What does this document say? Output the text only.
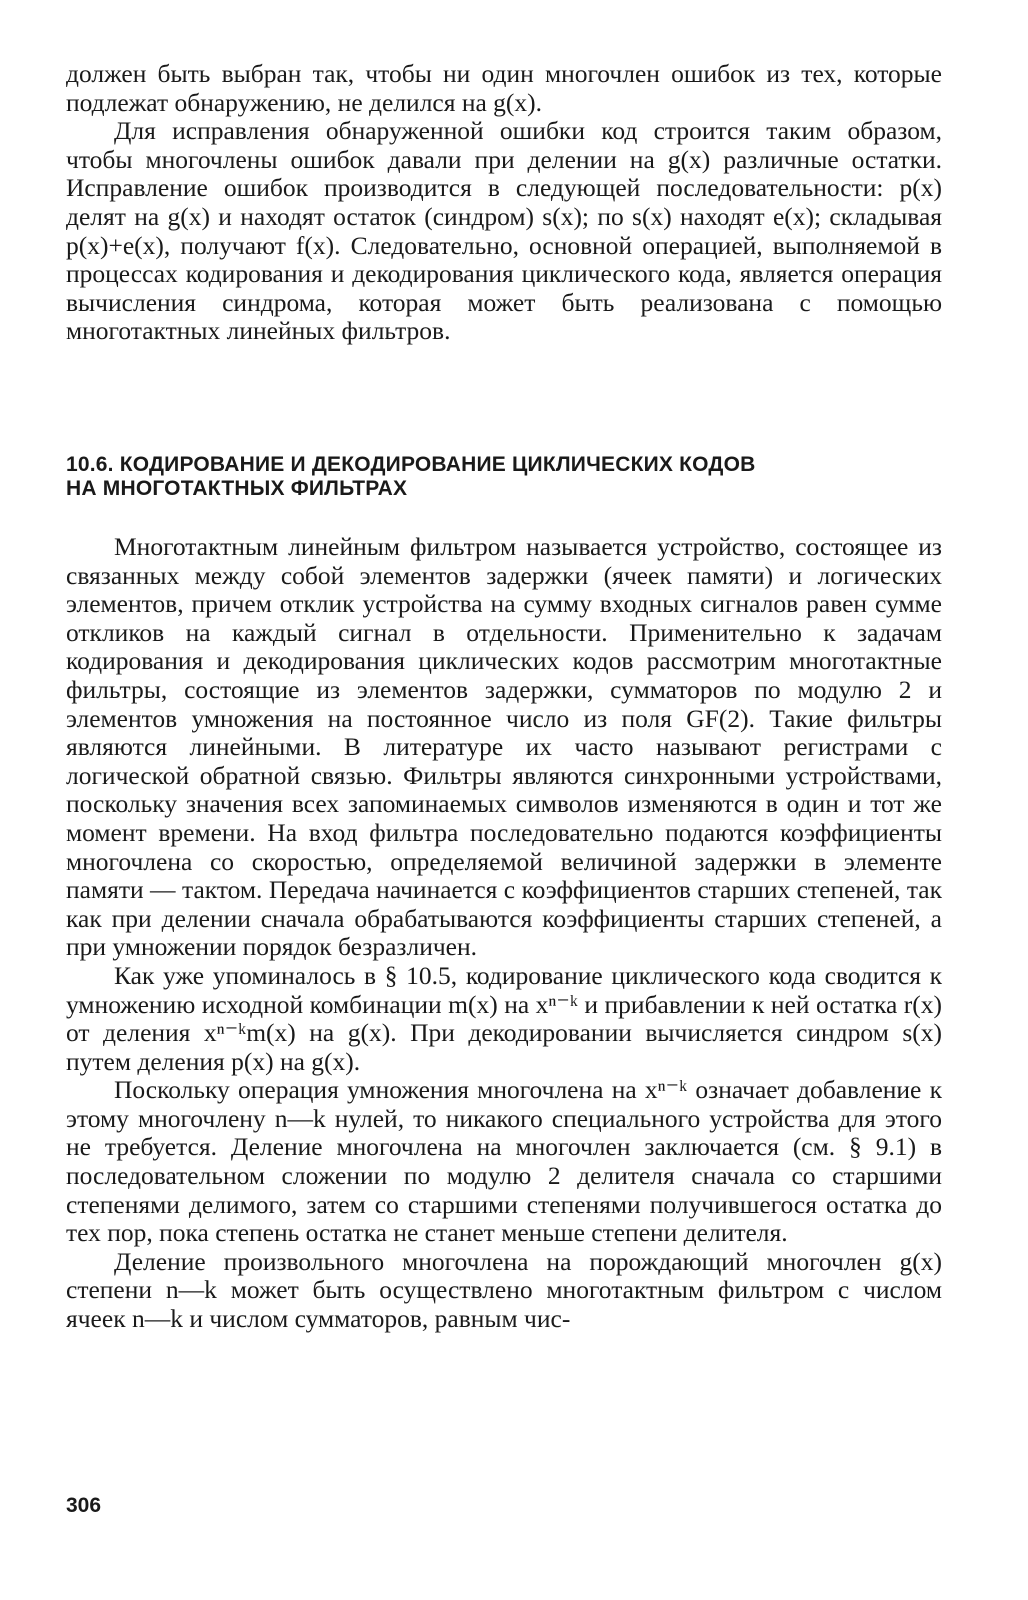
должен быть выбран так, чтобы ни один многочлен ошибок из тех, которые подлежат обнаружению, не делился на g(x).

Для исправления обнаруженной ошибки код строится таким образом, чтобы многочлены ошибок давали при делении на g(x) различные остатки. Исправление ошибок производится в следующей последовательности: p(x) делят на g(x) и находят остаток (синдром) s(x); по s(x) находят e(x); складывая p(x)+e(x), получают f(x). Следовательно, основной операцией, выполняемой в процессах кодирования и декодирования циклического кода, является операция вычисления синдрома, которая может быть реализована с помощью многотактных линейных фильтров.

10.6. КОДИРОВАНИЕ И ДЕКОДИРОВАНИЕ ЦИКЛИЧЕСКИХ КОДОВ
НА МНОГОТАКТНЫХ ФИЛЬТРАХ

Многотактным линейным фильтром называется устройство, состоящее из связанных между собой элементов задержки (ячеек памяти) и логических элементов, причем отклик устройства на сумму входных сигналов равен сумме откликов на каждый сигнал в отдельности. Применительно к задачам кодирования и декодирования циклических кодов рассмотрим многотактные фильтры, состоящие из элементов задержки, сумматоров по модулю 2 и элементов умножения на постоянное число из поля GF(2). Такие фильтры являются линейными. В литературе их часто называют регистрами с логической обратной связью. Фильтры являются синхронными устройствами, поскольку значения всех запоминаемых символов изменяются в один и тот же момент времени. На вход фильтра последовательно подаются коэффициенты многочлена со скоростью, определяемой величиной задержки в элементе памяти — тактом. Передача начинается с коэффициентов старших степеней, так как при делении сначала обрабатываются коэффициенты старших степеней, а при умножении порядок безразличен.

Как уже упоминалось в § 10.5, кодирование циклического кода сводится к умножению исходной комбинации m(x) на xⁿ⁻ᵏ и прибавлении к ней остатка r(x) от деления xⁿ⁻ᵏm(x) на g(x). При декодировании вычисляется синдром s(x) путем деления p(x) на g(x).

Поскольку операция умножения многочлена на xⁿ⁻ᵏ означает добавление к этому многочлену n—k нулей, то никакого специального устройства для этого не требуется. Деление многочлена на многочлен заключается (см. § 9.1) в последовательном сложении по модулю 2 делителя сначала со старшими степенями делимого, затем со старшими степенями получившегося остатка до тех пор, пока степень остатка не станет меньше степени делителя.

Деление произвольного многочлена на порождающий многочлен g(x) степени n—k может быть осуществлено многотактным фильтром с числом ячеек n—k и числом сумматоров, равным чис-

306
